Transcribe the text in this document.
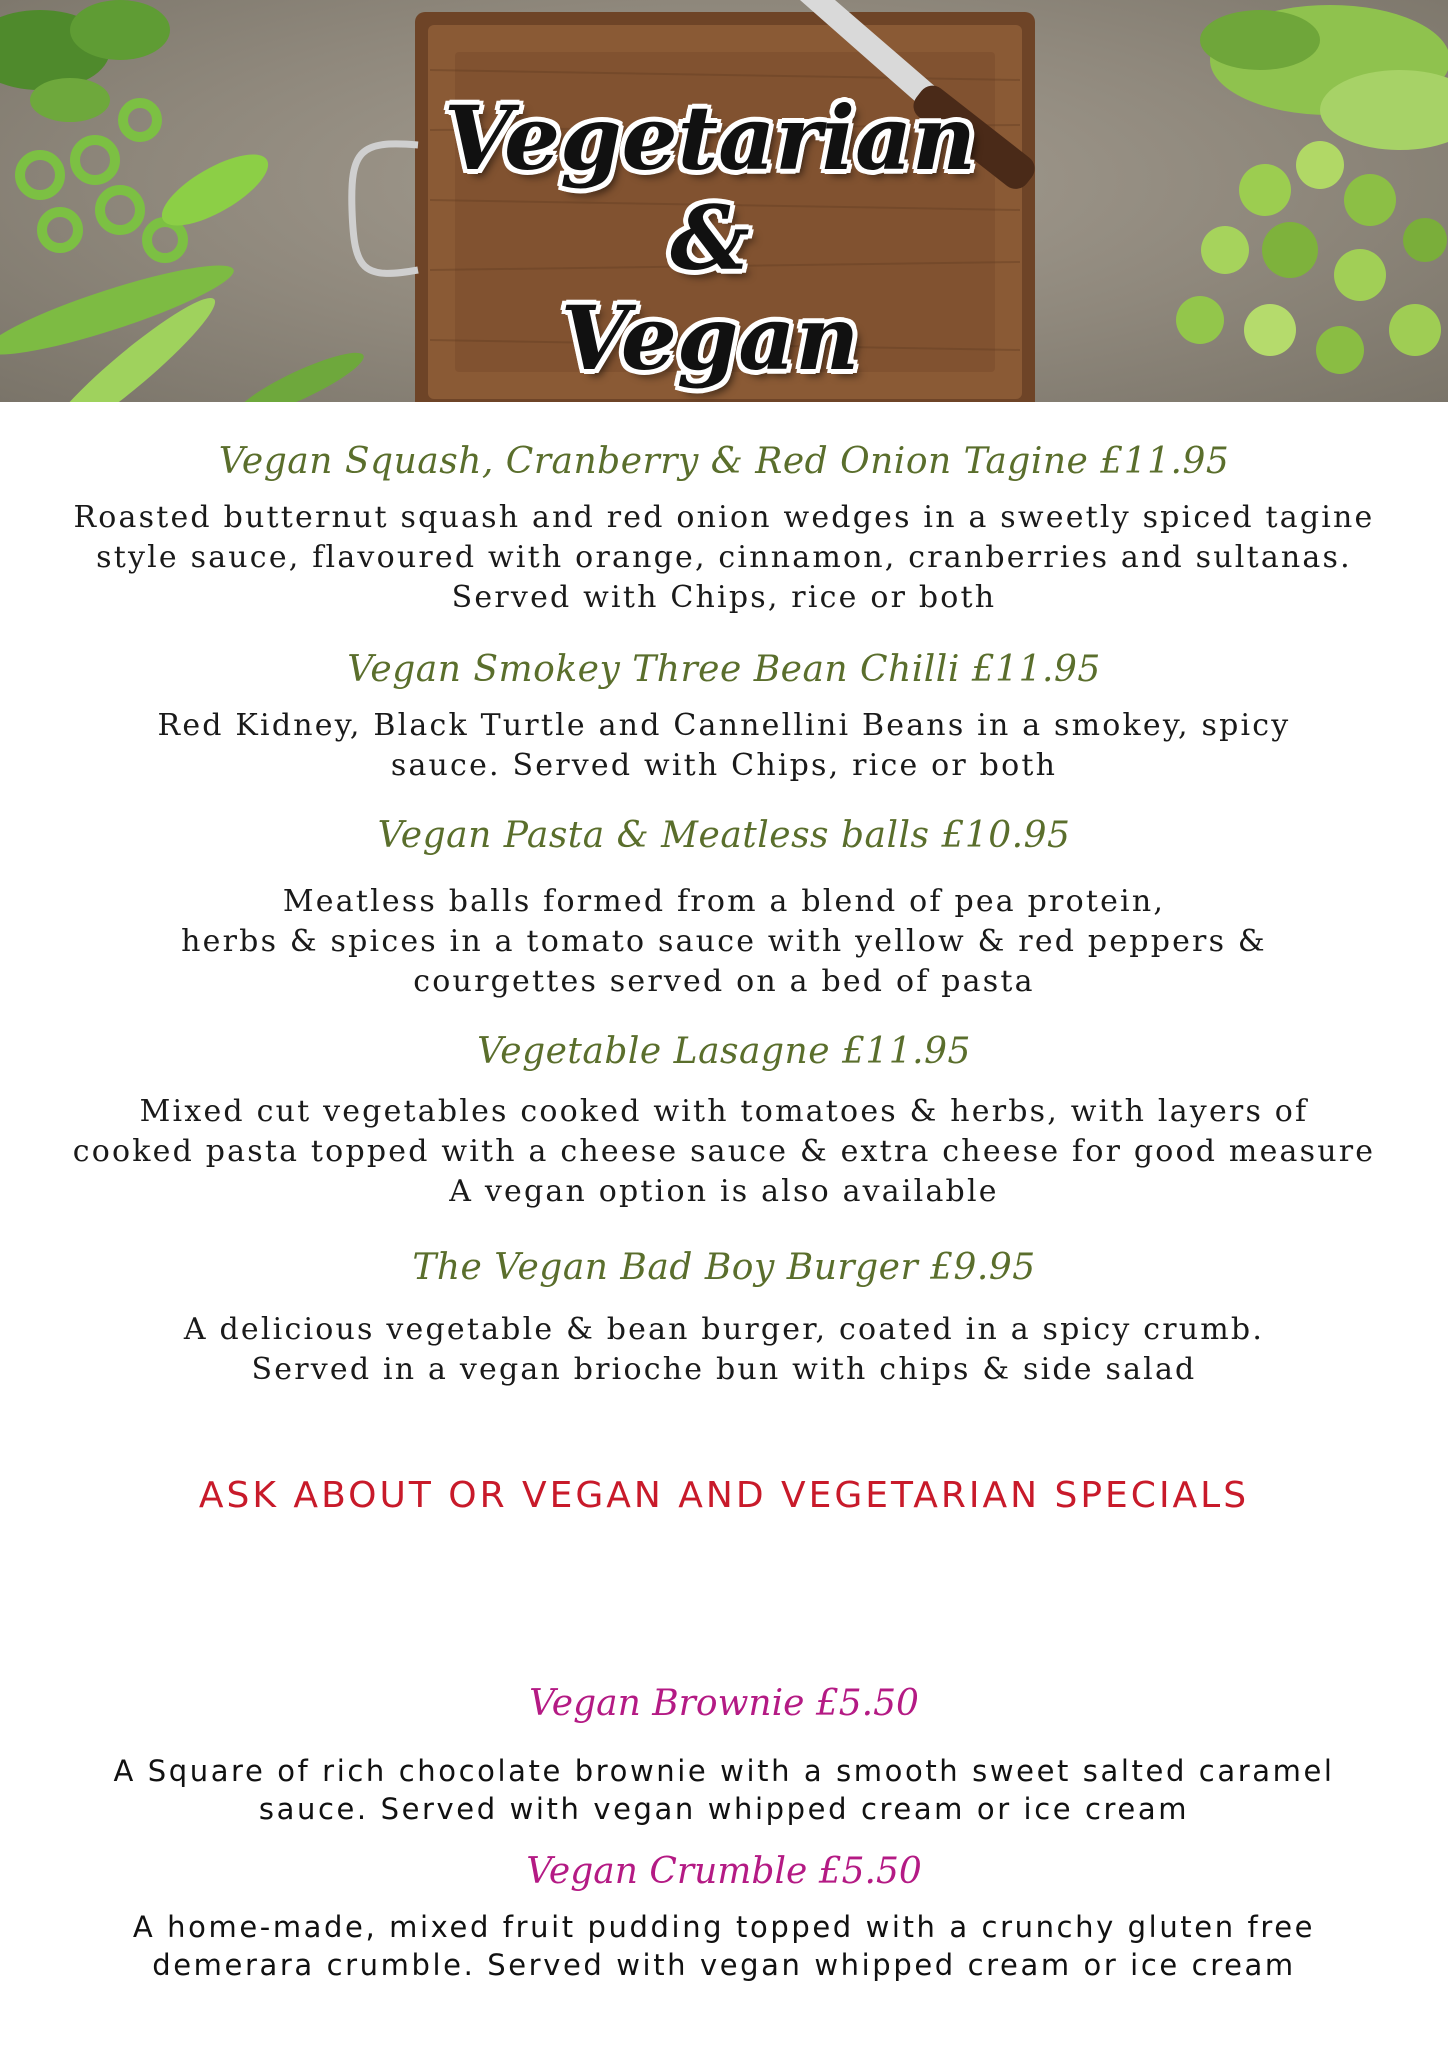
Vegetarian
&
Vegan
Vegan Squash, Cranberry & Red Onion Tagine £11.95
Roasted butternut squash and red onion wedges in a sweetly spiced tagine
style sauce, flavoured with orange, cinnamon, cranberries and sultanas.
Served with Chips, rice or both
Vegan Smokey Three Bean Chilli £11.95
Red Kidney, Black Turtle and Cannellini Beans in a smokey, spicy
sauce. Served with Chips, rice or both
Vegan Pasta & Meatless balls £10.95
Meatless balls formed from a blend of pea protein,
herbs & spices in a tomato sauce with yellow & red peppers &
courgettes served on a bed of pasta
Vegetable Lasagne £11.95
Mixed cut vegetables cooked with tomatoes & herbs, with layers of
cooked pasta topped with a cheese sauce & extra cheese for good measure
A vegan option is also available
The Vegan Bad Boy Burger £9.95
A delicious vegetable & bean burger, coated in a spicy crumb.
Served in a vegan brioche bun with chips & side salad
ASK ABOUT OR VEGAN AND VEGETARIAN SPECIALS
Vegan Brownie £5.50
A Square of rich chocolate brownie with a smooth sweet salted caramel
sauce. Served with vegan whipped cream or ice cream
Vegan Crumble £5.50
A home-made, mixed fruit pudding topped with a crunchy gluten free
demerara crumble. Served with vegan whipped cream or ice cream
